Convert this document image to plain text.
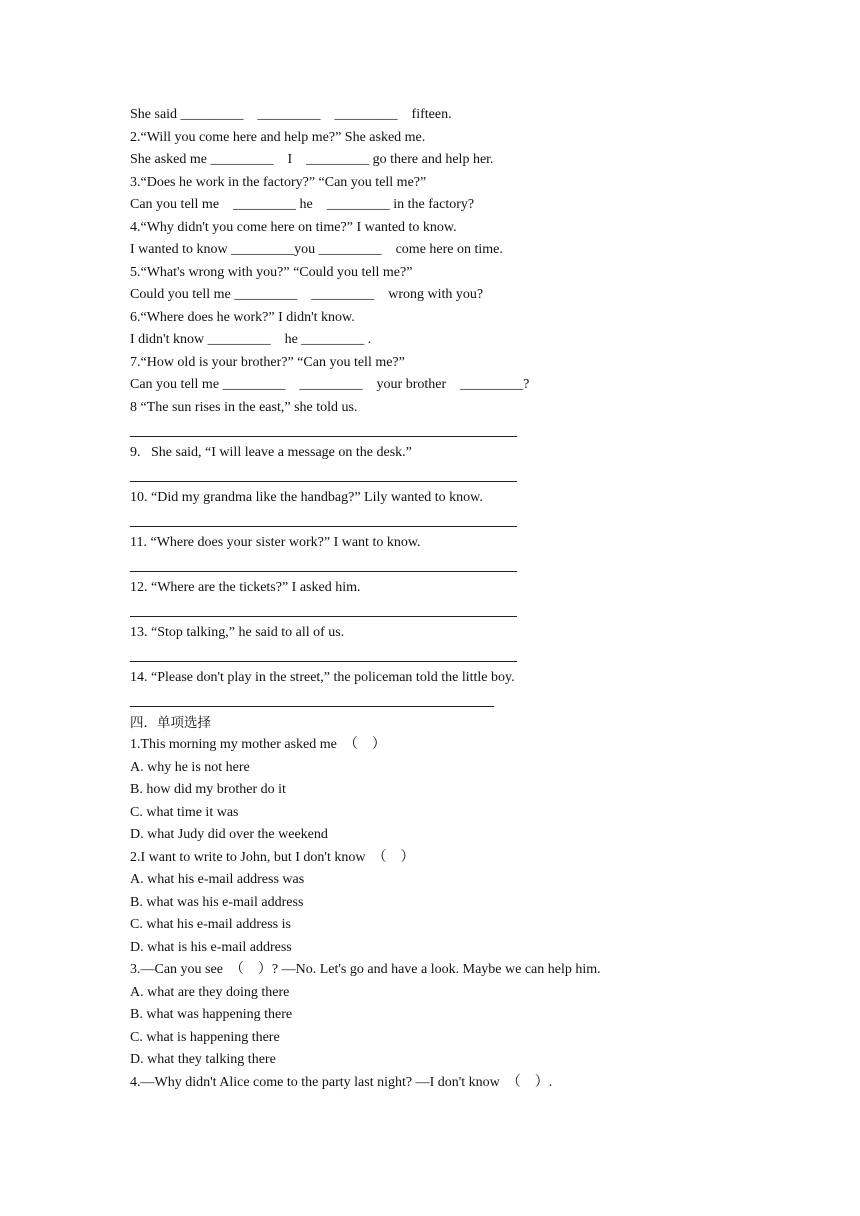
She said _________    _________    _________    fifteen.
2.“Will you come here and help me?” She asked me.
She asked me _________    I    _________ go there and help her.
3.“Does he work in the factory?” “Can you tell me?”
Can you tell me    _________ he    _________ in the factory?
4.“Why didn't you come here on time?” I wanted to know.
I wanted to know _________you _________    come here on time.
5.“What's wrong with you?” “Could you tell me?”
Could you tell me _________    _________    wrong with you?
6.“Where does he work?” I didn't know.
I didn't know _________    he _________ .
7.“How old is your brother?” “Can you tell me?”
Can you tell me _________    _________    your brother    _________?
8 “The sun rises in the east,” she told us.
9.   She said, “I will leave a message on the desk.”
10. “Did my grandma like the handbag?” Lily wanted to know.
11. “Where does your sister work?” I want to know.
12. “Where are the tickets?” I asked him.
13. “Stop talking,” he said to all of us.
14. “Please don't play in the street,” the policeman told the little boy.
四．单项选择
1.This morning my mother asked me  （    ）
A. why he is not here
B. how did my brother do it
C. what time it was
D. what Judy did over the weekend
2.I want to write to John, but I don't know  （    ）
A. what his e-mail address was
B. what was his e-mail address
C. what his e-mail address is
D. what is his e-mail address
3.—Can you see  （    ）? —No. Let's go and have a look. Maybe we can help him.
A. what are they doing there
B. what was happening there
C. what is happening there
D. what they talking there
4.—Why didn't Alice come to the party last night? —I don't know  （    ）.
